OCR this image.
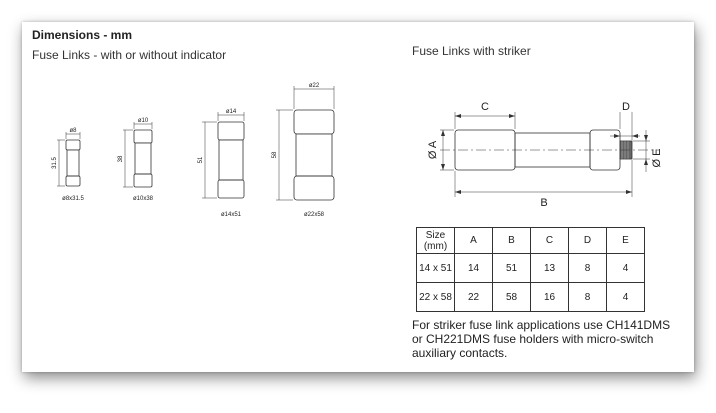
Dimensions - mm
Fuse Links - with or without indicator
ø8
31.5
ø8x31.5
ø10
38
ø10x38
ø14
51
ø14x51
ø22
58
ø22x58
Fuse Links with striker
C	D
Ø A
B
Ø E
Size
(mm)	A	B	C	D	E
14 x 51	14	51	13	8	4
22 x 58	22	58	16	8	4
For striker fuse link applications use CH141DMS or CH221DMS fuse holders with micro-switch auxiliary contacts.
